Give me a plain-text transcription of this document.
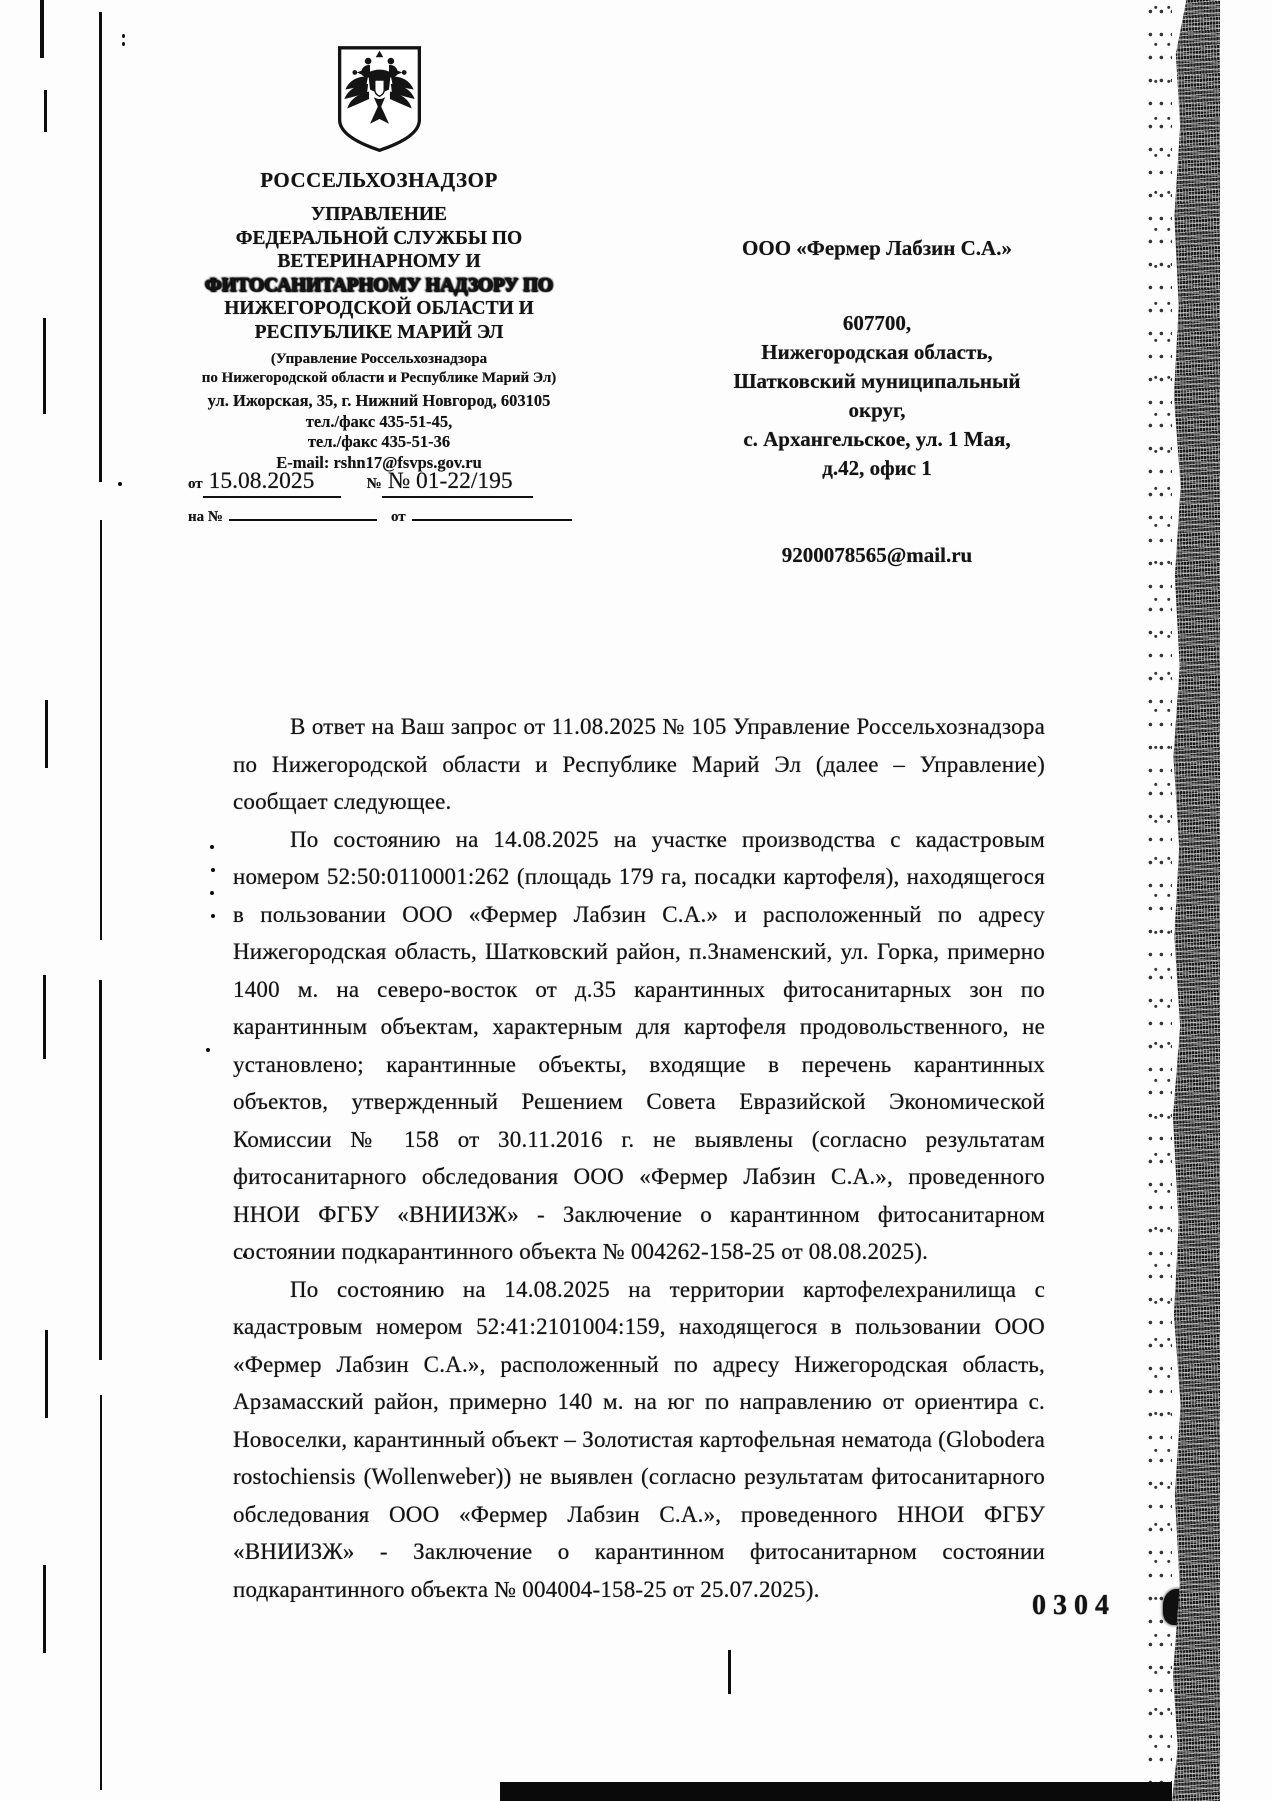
РОССЕЛЬХОЗНАДЗОР
УПРАВЛЕНИЕ
ФЕДЕРАЛЬНОЙ СЛУЖБЫ ПО
ВЕТЕРИНАРНОМУ И
ФИТОСАНИТАРНОМУ НАДЗОРУ ПО
НИЖЕГОРОДСКОЙ ОБЛАСТИ И
РЕСПУБЛИКЕ МАРИЙ ЭЛ
(Управление Россельхознадзора
по Нижегородской области и Республике Марий Эл)
ул. Ижорская, 35, г. Нижний Новгород, 603105
тел./факс 435-51-45,
тел./факс 435-51-36
E-mail: rshn17@fsvps.gov.ru
от 15.08.2025	№ № 01-22/195
на №	от
ООО «Фермер Лабзин С.А.»
607700,
Нижегородская область,
Шатковский муниципальный
округ,
с. Архангельское, ул. 1 Мая,
д.42, офис 1
9200078565@mail.ru

В ответ на Ваш запрос от 11.08.2025 № 105 Управление Россельхознадзора по Нижегородской области и Республике Марий Эл (далее – Управление) сообщает следующее.

По состоянию на 14.08.2025 на участке производства с кадастровым номером 52:50:0110001:262 (площадь 179 га, посадки картофеля), находящегося в пользовании ООО «Фермер Лабзин С.А.» и расположенный по адресу Нижегородская область, Шатковский район, п.Знаменский, ул. Горка, примерно 1400 м. на северо-восток от д.35 карантинных фитосанитарных зон по карантинным объектам, характерным для картофеля продовольственного, не установлено; карантинные объекты, входящие в перечень карантинных объектов, утвержденный Решением Совета Евразийской Экономической Комиссии № 158 от 30.11.2016 г. не выявлены (согласно результатам фитосанитарного обследования ООО «Фермер Лабзин С.А.», проведенного ННОИ ФГБУ «ВНИИЗЖ» - Заключение о карантинном фитосанитарном состоянии подкарантинного объекта № 004262-158-25 от 08.08.2025).

По состоянию на 14.08.2025 на территории картофелехранилища с кадастровым номером 52:41:2101004:159, находящегося в пользовании ООО «Фермер Лабзин С.А.», расположенный по адресу Нижегородская область, Арзамасский район, примерно 140 м. на юг по направлению от ориентира с. Новоселки, карантинный объект – Золотистая картофельная нематода (Globodera rostochiensis (Wollenweber)) не выявлен (согласно результатам фитосанитарного обследования ООО «Фермер Лабзин С.А.», проведенного ННОИ ФГБУ «ВНИИЗЖ» - Заключение о карантинном фитосанитарном состоянии подкарантинного объекта № 004004-158-25 от 25.07.2025).

0304
